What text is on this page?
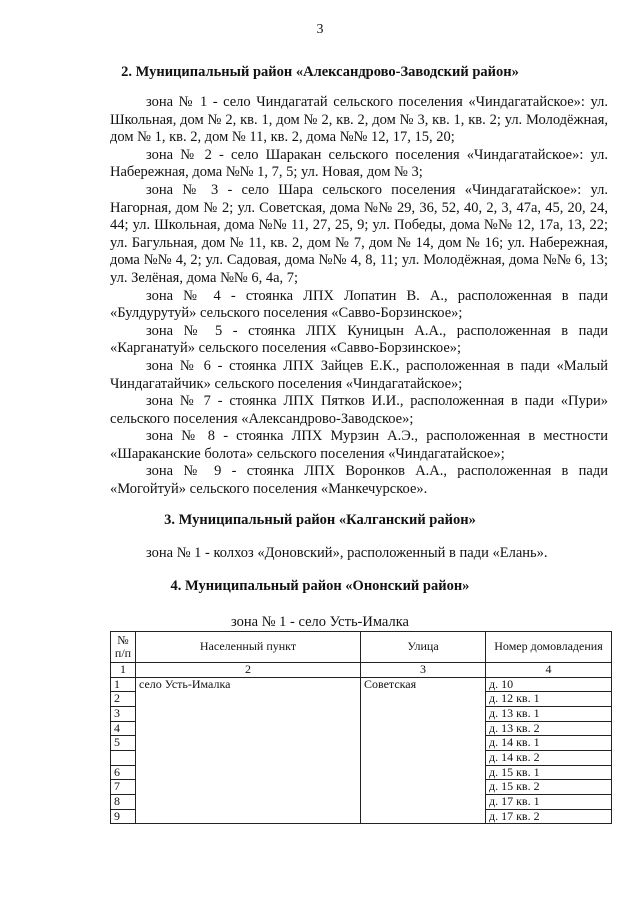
3
2. Муниципальный район «Александрово-Заводский район»

зона № 1 - село Чиндагатай сельского поселения «Чиндагатайское»: ул. Школьная, дом № 2, кв. 1, дом № 2, кв. 2, дом № 3, кв. 1, кв. 2; ул. Молодёжная, дом № 1, кв. 2, дом № 11, кв. 2, дома №№ 12, 17, 15, 20;

зона № 2 - село Шаракан сельского поселения «Чиндагатайское»: ул. Набережная, дома №№ 1, 7, 5; ул. Новая, дом № 3;

зона № 3 - село Шара сельского поселения «Чиндагатайское»: ул. Нагорная, дом № 2; ул. Советская, дома №№ 29, 36, 52, 40, 2, 3, 47а, 45, 20, 24, 44; ул. Школьная, дома №№ 11, 27, 25, 9; ул. Победы, дома №№ 12, 17а, 13, 22; ул. Багульная, дом № 11, кв. 2, дом № 7, дом № 14, дом № 16; ул. Набережная, дома №№ 4, 2; ул. Садовая, дома №№ 4, 8, 11; ул. Молодёжная, дома №№ 6, 13; ул. Зелёная, дома №№ 6, 4а, 7;

зона № 4 - стоянка ЛПХ Лопатин В. А., расположенная в пади «Булдурутуй» сельского поселения «Савво-Борзинское»;

зона № 5 - стоянка ЛПХ Куницын А.А., расположенная в пади «Карганатуй» сельского поселения «Савво-Борзинское»;

зона № 6 - стоянка ЛПХ Зайцев Е.К., расположенная в пади «Малый Чиндагатайчик» сельского поселения «Чиндагатайское»;

зона № 7 - стоянка ЛПХ Пятков И.И., расположенная в пади «Пури» сельского поселения «Александрово-Заводское»;

зона № 8 - стоянка ЛПХ Мурзин А.Э., расположенная в местности «Шараканские болота» сельского поселения «Чиндагатайское»;

зона № 9 - стоянка ЛПХ Воронков А.А., расположенная в пади «Могойтуй» сельского поселения «Манкечурское».

3. Муниципальный район «Калганский район»

зона № 1 - колхоз «Доновский», расположенный в пади «Елань».

4. Муниципальный район «Ононский район»
зона № 1 - село Усть-Ималка
№ п/п	Населенный пункт	Улица	Номер домовладения
1	2	3	4
1	село Усть-Ималка	Советская	д. 10
2			д. 12 кв. 1
3			д. 13 кв. 1
4			д. 13 кв. 2
5			д. 14 кв. 1
			д. 14 кв. 2
6			д. 15 кв. 1
7			д. 15 кв. 2
8			д. 17 кв. 1
9			д. 17 кв. 2
